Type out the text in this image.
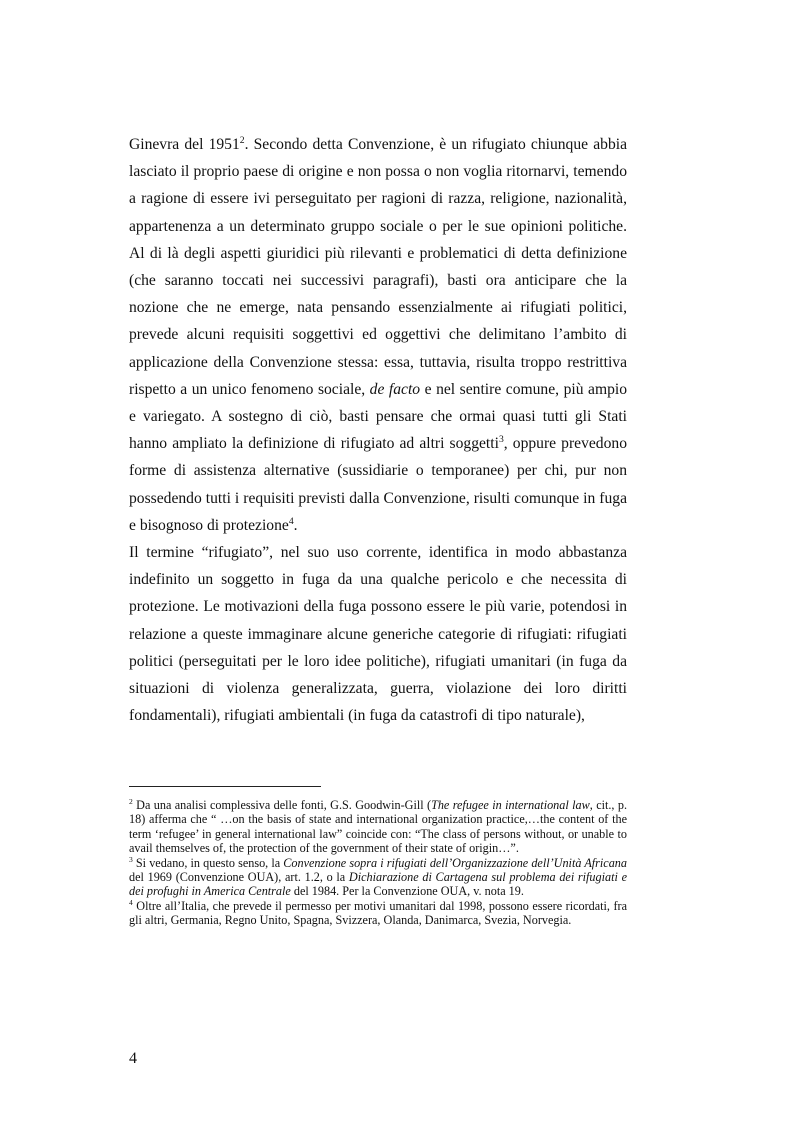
Ginevra del 1951$^2$. Secondo detta Convenzione, è un rifugiato chiunque abbia lasciato il proprio paese di origine e non possa o non voglia ritornarvi, temendo a ragione di essere ivi perseguitato per ragioni di razza, religione, nazionalità, appartenenza a un determinato gruppo sociale o per le sue opinioni politiche. Al di là degli aspetti giuridici più rilevanti e problematici di detta definizione (che saranno toccati nei successivi paragrafi), basti ora anticipare che la nozione che ne emerge, nata pensando essenzialmente ai rifugiati politici, prevede alcuni requisiti soggettivi ed oggettivi che delimitano l’ambito di applicazione della Convenzione stessa: essa, tuttavia, risulta troppo restrittiva rispetto a un unico fenomeno sociale, de facto e nel sentire comune, più ampio e variegato. A sostegno di ciò, basti pensare che ormai quasi tutti gli Stati hanno ampliato la definizione di rifugiato ad altri soggetti$^3$, oppure prevedono forme di assistenza alternative (sussidiarie o temporanee) per chi, pur non possedendo tutti i requisiti previsti dalla Convenzione, risulti comunque in fuga e bisognoso di protezione$^4$.

Il termine “rifugiato”, nel suo uso corrente, identifica in modo abbastanza indefinito un soggetto in fuga da una qualche pericolo e che necessita di protezione. Le motivazioni della fuga possono essere le più varie, potendosi in relazione a queste immaginare alcune generiche categorie di rifugiati: rifugiati politici (perseguitati per le loro idee politiche), rifugiati umanitari (in fuga da situazioni di violenza generalizzata, guerra, violazione dei loro diritti fondamentali), rifugiati ambientali (in fuga da catastrofi di tipo naturale),

$^2$ Da una analisi complessiva delle fonti, G.S. Goodwin-Gill (The refugee in international law, cit., p. 18) afferma che “ …on the basis of state and international organization practice,…the content of the term ‘refugee’ in general international law” coincide con: “The class of persons without, or unable to avail themselves of, the protection of the government of their state of origin…”.

$^3$ Si vedano, in questo senso, la Convenzione sopra i rifugiati dell’Organizzazione dell’Unità Africana del 1969 (Convenzione OUA), art. 1.2, o la Dichiarazione di Cartagena sul problema dei rifugiati e dei profughi in America Centrale del 1984. Per la Convenzione OUA, v. nota 19.

$^4$ Oltre all’Italia, che prevede il permesso per motivi umanitari dal 1998, possono essere ricordati, fra gli altri, Germania, Regno Unito, Spagna, Svizzera, Olanda, Danimarca, Svezia, Norvegia.

4
